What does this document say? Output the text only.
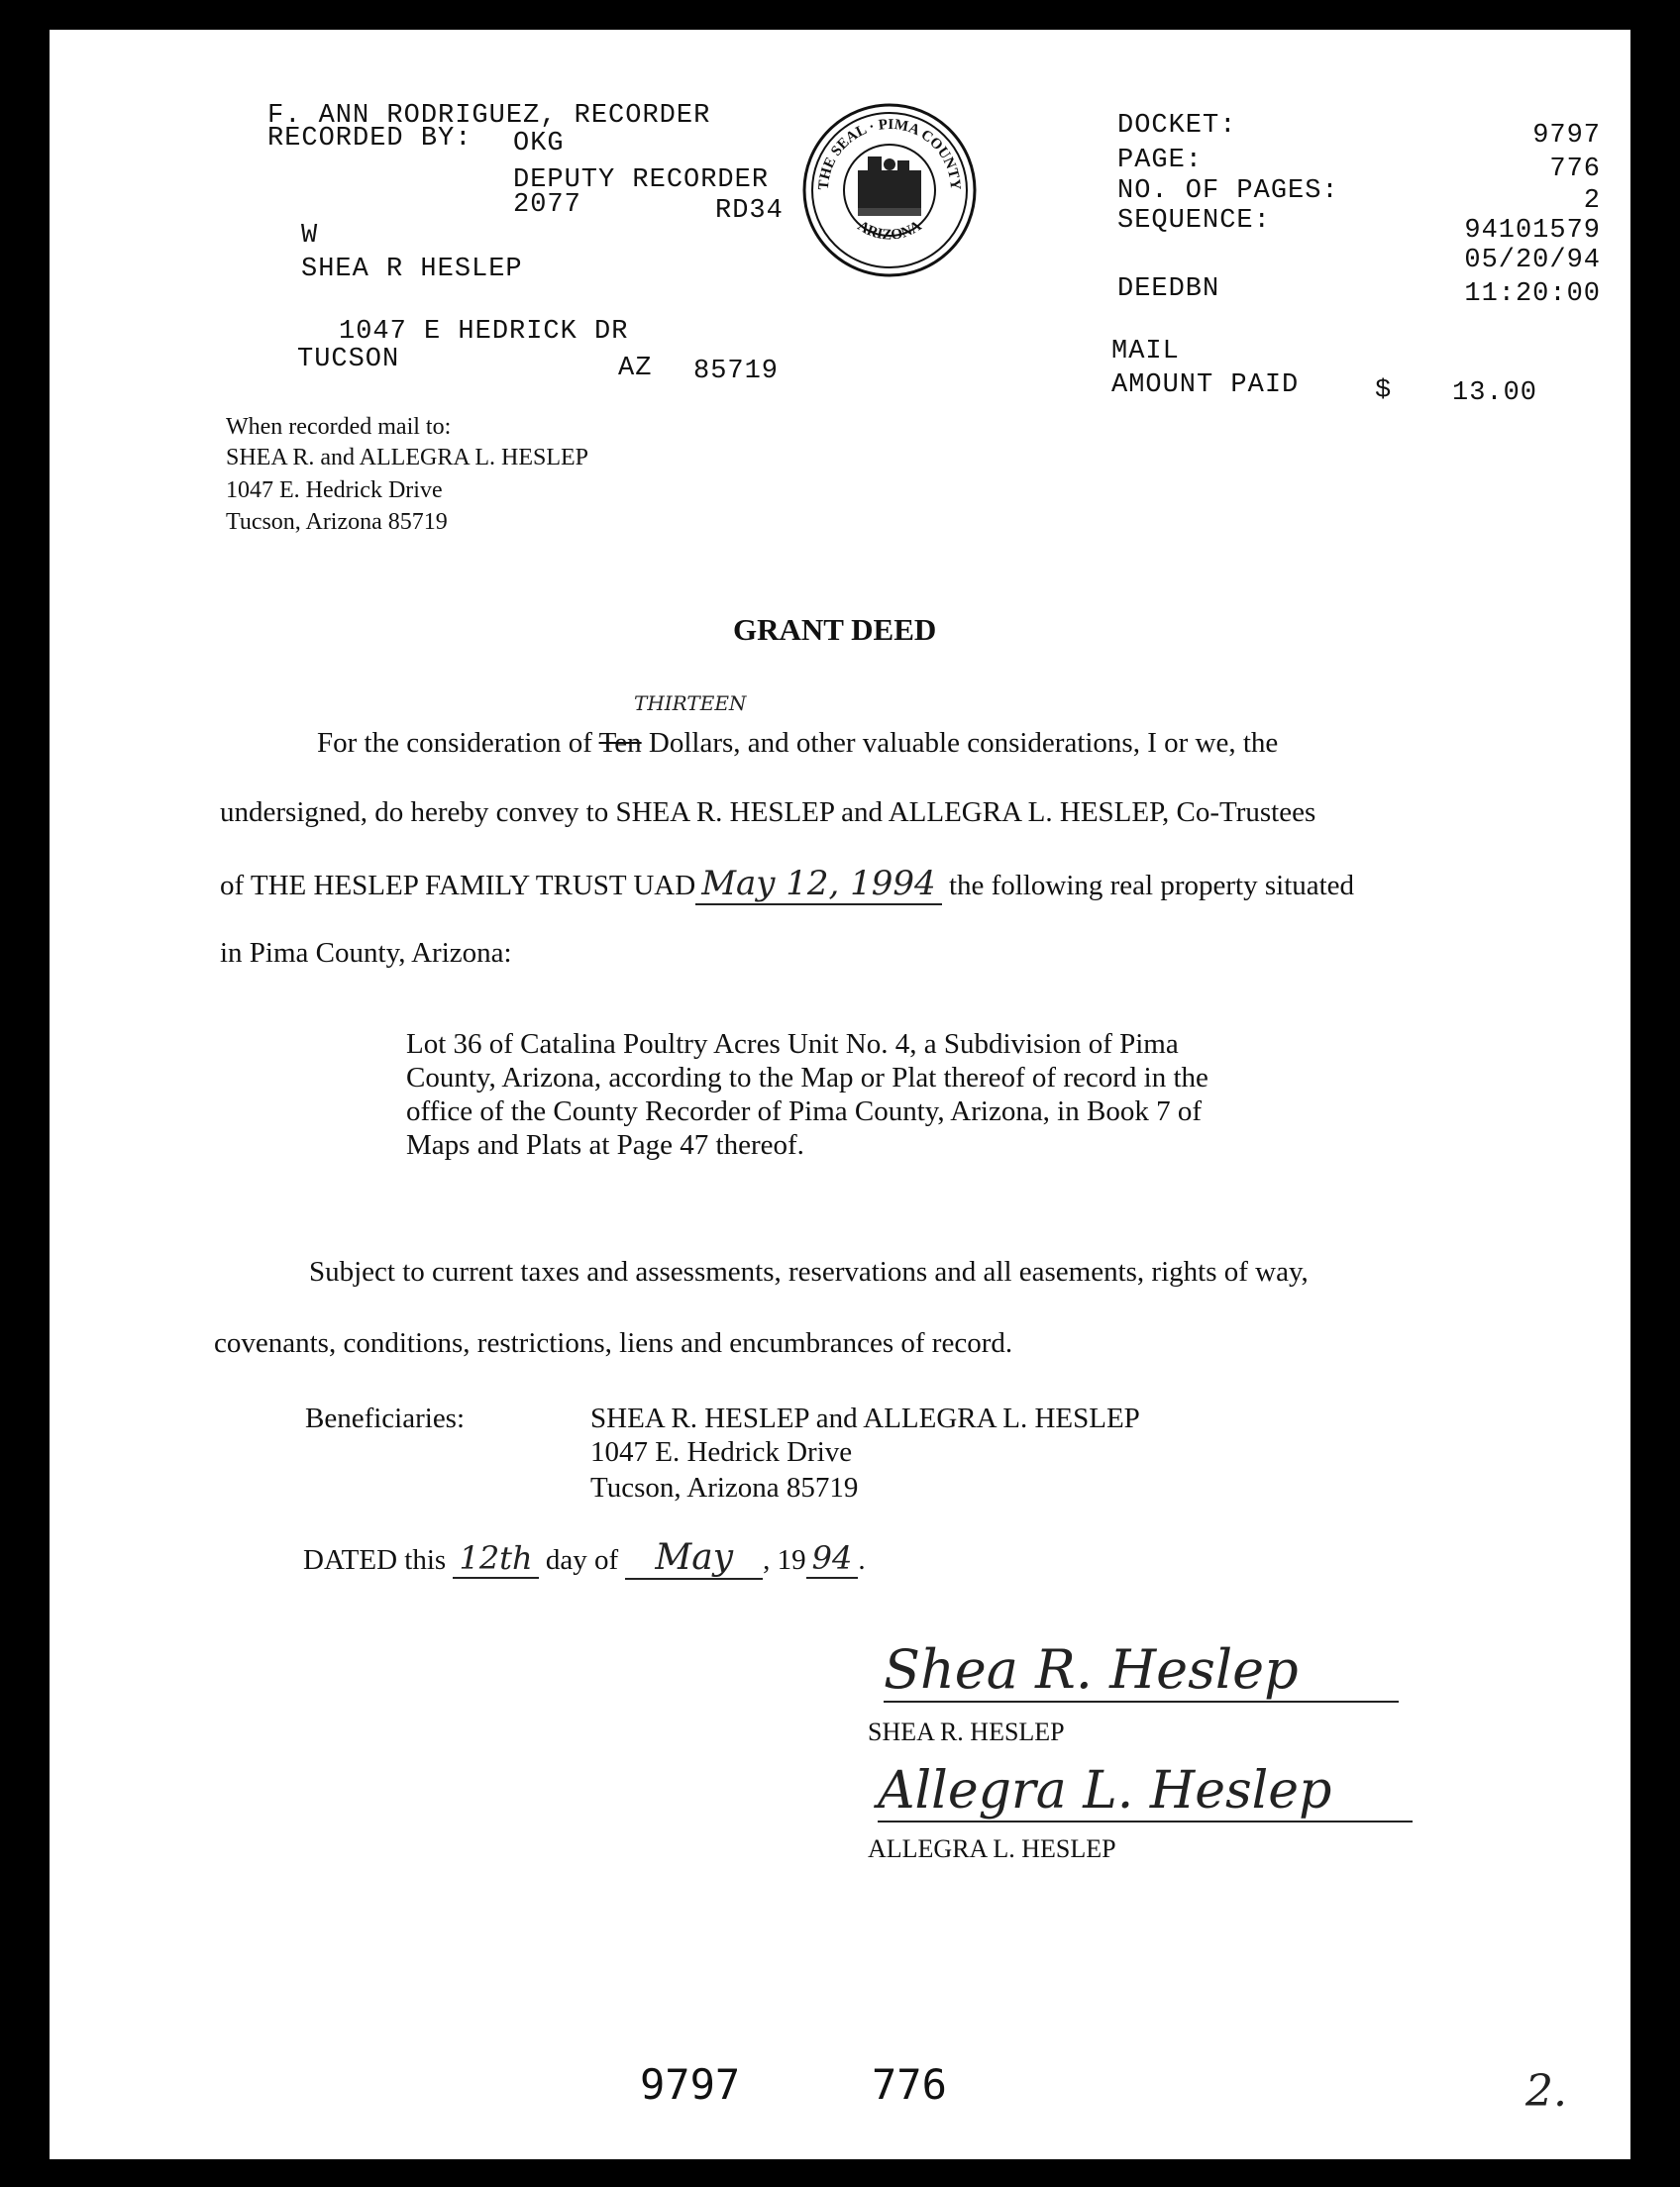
F. ANN RODRIGUEZ, RECORDER
RECORDED BY: OKG
DEPUTY RECORDER
2077	RD34
W
SHEA R HESLEP
1047 E HEDRICK DR
TUCSON	AZ 85719
THE SEAL · PIMA COUNTY
ARIZONA
DOCKET:	9797
PAGE:	776
NO. OF PAGES:	2
SEQUENCE:	94101579
05/20/94
DEEDBN	11:20:00
MAIL
AMOUNT PAID	$ 13.00
When recorded mail to:
SHEA R. and ALLEGRA L. HESLEP
1047 E. Hedrick Drive
Tucson, Arizona 85719
GRANT DEED
THIRTEEN
For the consideration of Ten Dollars, and other valuable considerations, I or we, the
undersigned, do hereby convey to SHEA R. HESLEP and ALLEGRA L. HESLEP, Co-Trustees
of THE HESLEP FAMILY TRUST UAD May 12, 1994 the following real property situated
in Pima County, Arizona:
Lot 36 of Catalina Poultry Acres Unit No. 4, a Subdivision of Pima
County, Arizona, according to the Map or Plat thereof of record in the
office of the County Recorder of Pima County, Arizona, in Book 7 of
Maps and Plats at Page 47 thereof.
Subject to current taxes and assessments, reservations and all easements, rights of way,
covenants, conditions, restrictions, liens and encumbrances of record.
Beneficiaries:	SHEA R. HESLEP and ALLEGRA L. HESLEP
1047 E. Hedrick Drive
Tucson, Arizona 85719
DATED this 12th day of May , 19 94 .
Shea R. Heslep
SHEA R. HESLEP
Allegra L. Heslep
ALLEGRA L. HESLEP
9797	776	2.
